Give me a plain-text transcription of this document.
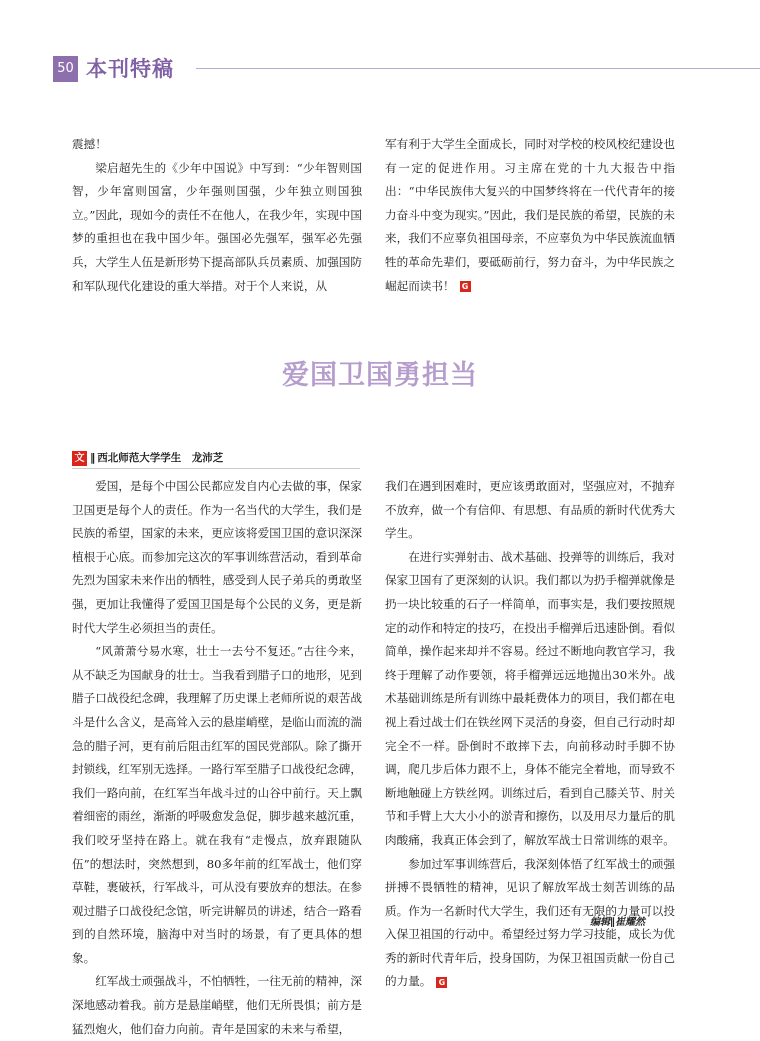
50 本刊特稿

震撼！

梁启超先生的《少年中国说》中写到：“少年智则国智，少年富则国富，少年强则国强，少年独立则国独立。”因此，现如今的责任不在他人，在我少年，实现中国梦的重担也在我中国少年。强国必先强军，强军必先强兵，大学生人伍是新形势下提高部队兵员素质、加强国防和军队现代化建设的重大举措。对于个人来说，从

军有利于大学生全面成长，同时对学校的校风校纪建设也有一定的促进作用。习主席在党的十九大报告中指出：“中华民族伟大复兴的中国梦终将在一代代青年的接力奋斗中变为现实。”因此，我们是民族的希望，民族的未来，我们不应辜负祖国母亲，不应辜负为中华民族流血牺牲的革命先辈们，要砥砺前行，努力奋斗，为中华民族之崛起而读书！ G

爱国卫国勇担当
文 ‖ 西北师范大学学生　龙沛芝

爱国，是每个中国公民都应发自内心去做的事，保家卫国更是每个人的责任。作为一名当代的大学生，我们是民族的希望，国家的未来，更应该将爱国卫国的意识深深植根于心底。而参加完这次的军事训练营活动，看到革命先烈为国家未来作出的牺牲，感受到人民子弟兵的勇敢坚强，更加让我懂得了爱国卫国是每个公民的义务，更是新时代大学生必须担当的责任。

“风萧萧兮易水寒，壮士一去兮不复还。”古往今来，从不缺乏为国献身的壮士。当我看到腊子口的地形，见到腊子口战役纪念碑，我理解了历史课上老师所说的艰苦战斗是什么含义，是高耸入云的悬崖峭壁，是临山而流的湍急的腊子河，更有前后阻击红军的国民党部队。除了撕开封锁线，红军别无选择。一路行军至腊子口战役纪念碑，我们一路向前，在红军当年战斗过的山谷中前行。天上飘着细密的雨丝，渐渐的呼吸愈发急促，脚步越来越沉重，我们咬牙坚持在路上。就在我有“走慢点，放弃跟随队伍”的想法时，突然想到，80多年前的红军战士，他们穿草鞋，裹破袄，行军战斗，可从没有要放弃的想法。在参观过腊子口战役纪念馆，听完讲解员的讲述，结合一路看到的自然环境，脑海中对当时的场景，有了更具体的想象。

红军战士顽强战斗，不怕牺牲，一往无前的精神，深深地感动着我。前方是悬崖峭壁，他们无所畏惧；前方是猛烈炮火，他们奋力向前。青年是国家的未来与希望，

我们在遇到困难时，更应该勇敢面对，坚强应对，不抛弃不放弃，做一个有信仰、有思想、有品质的新时代优秀大学生。

在进行实弹射击、战术基础、投弹等的训练后，我对保家卫国有了更深刻的认识。我们都以为扔手榴弹就像是扔一块比较重的石子一样简单，而事实是，我们要按照规定的动作和特定的技巧，在投出手榴弹后迅速卧倒。看似简单，操作起来却并不容易。经过不断地向教官学习，我终于理解了动作要领，将手榴弹远远地抛出30米外。战术基础训练是所有训练中最耗费体力的项目，我们都在电视上看过战士们在铁丝网下灵活的身姿，但自己行动时却完全不一样。卧倒时不敢摔下去，向前移动时手脚不协调，爬几步后体力跟不上，身体不能完全着地，而导致不断地触碰上方铁丝网。训练过后，看到自己膝关节、肘关节和手臂上大大小小的淤青和擦伤，以及用尽力量后的肌肉酸痛，我真正体会到了，解放军战士日常训练的艰辛。

参加过军事训练营后，我深刻体悟了红军战士的顽强拼搏不畏牺牲的精神，见识了解放军战士刻苦训练的品质。作为一名新时代大学生，我们还有无限的力量可以投入保卫祖国的行动中。希望经过努力学习技能，成长为优秀的新时代青年后，投身国防，为保卫祖国贡献一份自己的力量。 G

编辑∥崔耀然
